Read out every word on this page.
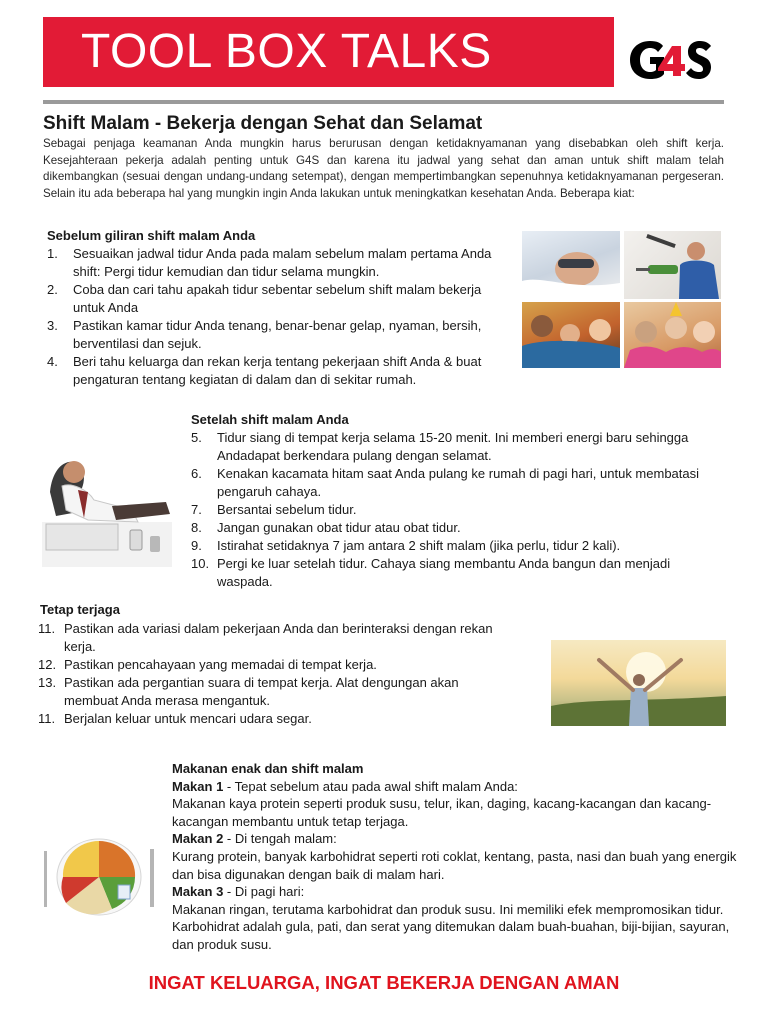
TOOL BOX TALKS
Shift Malam - Bekerja dengan Sehat dan Selamat

Sebagai penjaga keamanan Anda mungkin harus berurusan dengan ketidaknyamanan yang disebabkan oleh shift kerja. Kesejahteraan pekerja adalah penting untuk G4S dan karena itu jadwal yang sehat dan aman untuk shift malam telah dikembangkan (sesuai dengan undang-undang setempat), dengan mempertimbangkan sepenuhnya ketidaknyamanan pergeseran. Selain itu ada beberapa hal yang mungkin ingin Anda lakukan untuk meningkatkan kesehatan Anda. Beberapa kiat:

Sebelum giliran shift malam Anda
1. Sesuaikan jadwal tidur Anda pada malam sebelum malam pertama Anda shift: Pergi tidur kemudian dan tidur selama mungkin.
2. Coba dan cari tahu apakah tidur sebentar sebelum shift malam bekerja untuk Anda
3. Pastikan kamar tidur Anda tenang, benar-benar gelap, nyaman, bersih, berventilasi dan sejuk.
4. Beri tahu keluarga dan rekan kerja tentang pekerjaan shift Anda & buat pengaturan tentang kegiatan di dalam dan di sekitar rumah.
Setelah shift malam Anda
5. Tidur siang di tempat kerja selama 15-20 menit. Ini memberi energi baru sehingga Andadapat berkendara pulang dengan selamat.
6. Kenakan kacamata hitam saat Anda pulang ke rumah di pagi hari, untuk membatasi pengaruh cahaya.
7. Bersantai sebelum tidur.
8. Jangan gunakan obat tidur atau obat tidur.
9. Istirahat setidaknya 7 jam antara 2 shift malam (jika perlu, tidur 2 kali).
10. Pergi ke luar setelah tidur. Cahaya siang membantu Anda bangun dan menjadi waspada.
Tetap terjaga
11. Pastikan ada variasi dalam pekerjaan Anda dan berinteraksi dengan rekan kerja.
12. Pastikan pencahayaan yang memadai di tempat kerja.
13. Pastikan ada pergantian suara di tempat kerja. Alat dengungan akan membuat Anda merasa mengantuk.
11. Berjalan keluar untuk mencari udara segar.
Makanan enak dan shift malam
Makan 1 - Tepat sebelum atau pada awal shift malam Anda:
Makanan kaya protein seperti produk susu, telur, ikan, daging, kacang-kacangan dan kacang-kacangan membantu untuk tetap terjaga.
Makan 2 - Di tengah malam:
Kurang protein, banyak karbohidrat seperti roti coklat, kentang, pasta, nasi dan buah yang energik dan bisa digunakan dengan baik di malam hari.
Makan 3 - Di pagi hari:
Makanan ringan, terutama karbohidrat dan produk susu. Ini memiliki efek mempromosikan tidur. Karbohidrat adalah gula, pati, dan serat yang ditemukan dalam buah-buahan, biji-bijian, sayuran, dan produk susu.
INGAT KELUARGA, INGAT BEKERJA DENGAN AMAN
